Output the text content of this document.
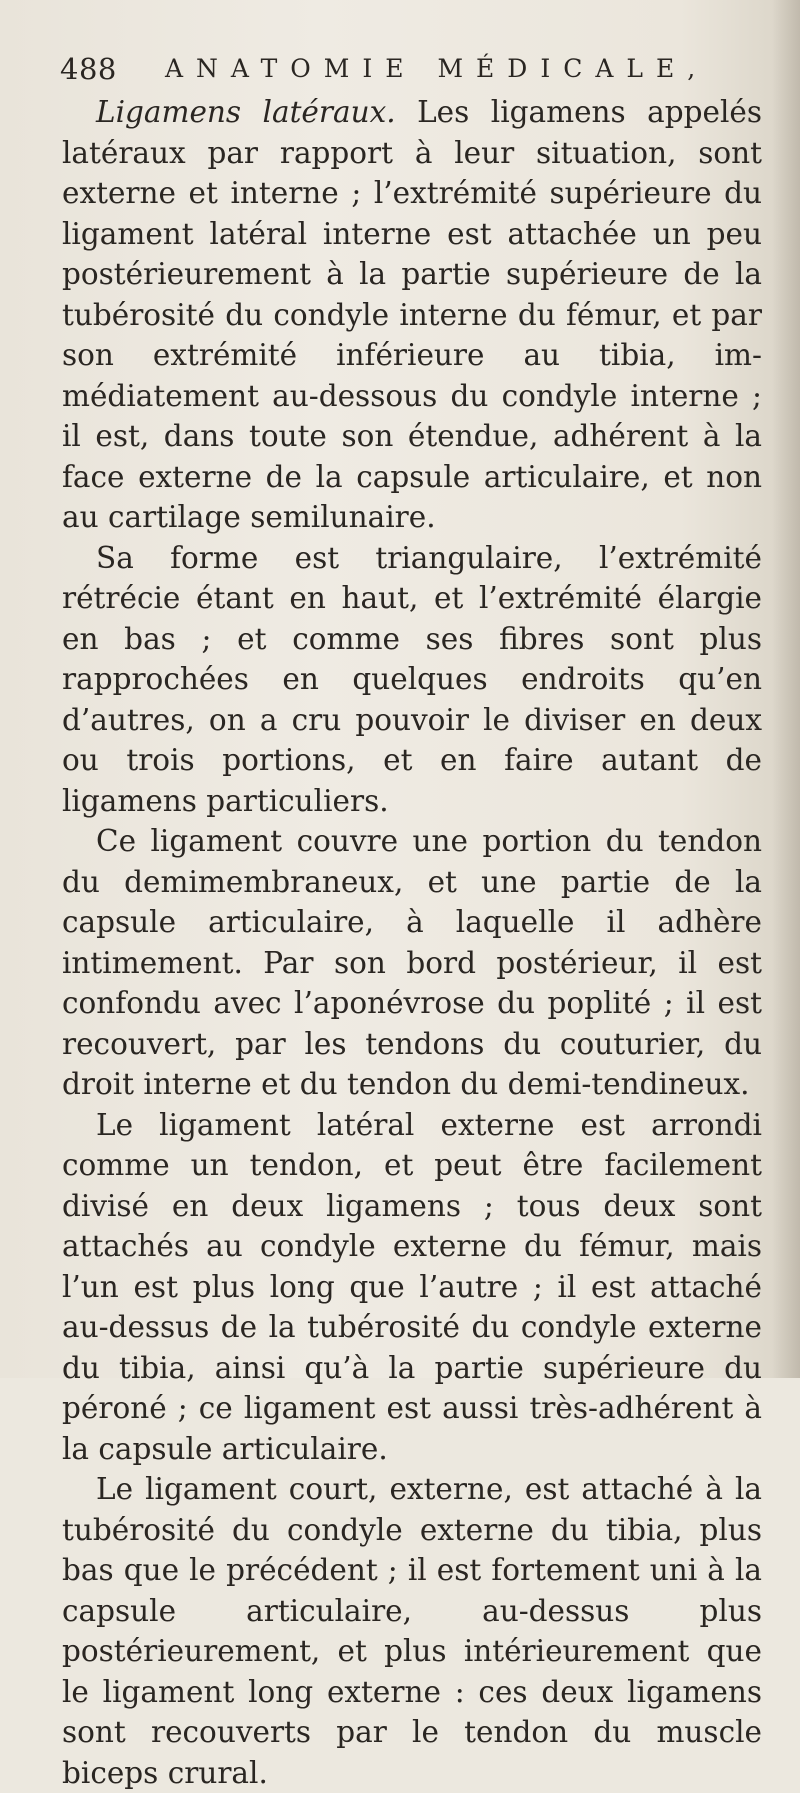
488 ANATOMIE MÉDICALE,

Ligamens latéraux. Les ligamens appelés latéraux par rapport à leur situation, sont externe et interne ; l’extrémité supérieure du ligament latéral interne est attachée un peu postérieurement à la partie supérieure de la tubérosité du condyle interne du fémur, et par son extrémité inférieure au tibia, immédiatement au-dessous du condyle interne ; il est, dans toute son étendue, adhérent à la face externe de la capsule articulaire, et non au cartilage semilunaire.

Sa forme est triangulaire, l’extrémité rétrécie étant en haut, et l’extrémité élargie en bas ; et comme ses fibres sont plus rapprochées en quelques endroits qu’en d’autres, on a cru pouvoir le diviser en deux ou trois portions, et en faire autant de ligamens particuliers.

Ce ligament couvre une portion du tendon du demimembraneux, et une partie de la capsule articulaire, à laquelle il adhère intimement. Par son bord postérieur, il est confondu avec l’aponévrose du poplité ; il est recouvert, par les tendons du couturier, du droit interne et du tendon du demi-tendineux.

Le ligament latéral externe est arrondi comme un tendon, et peut être facilement divisé en deux ligamens ; tous deux sont attachés au condyle externe du fémur, mais l’un est plus long que l’autre ; il est attaché au-dessus de la tubérosité du condyle externe du tibia, ainsi qu’à la partie supérieure du péroné ; ce ligament est aussi très-adhérent à la capsule articulaire.

Le ligament court, externe, est attaché à la tubérosité du condyle externe du tibia, plus bas que le précédent ; il est fortement uni à la capsule articulaire, au-dessus plus postérieurement, et plus intérieurement que le ligament long externe : ces deux ligamens sont recouverts par le tendon du muscle biceps crural.
